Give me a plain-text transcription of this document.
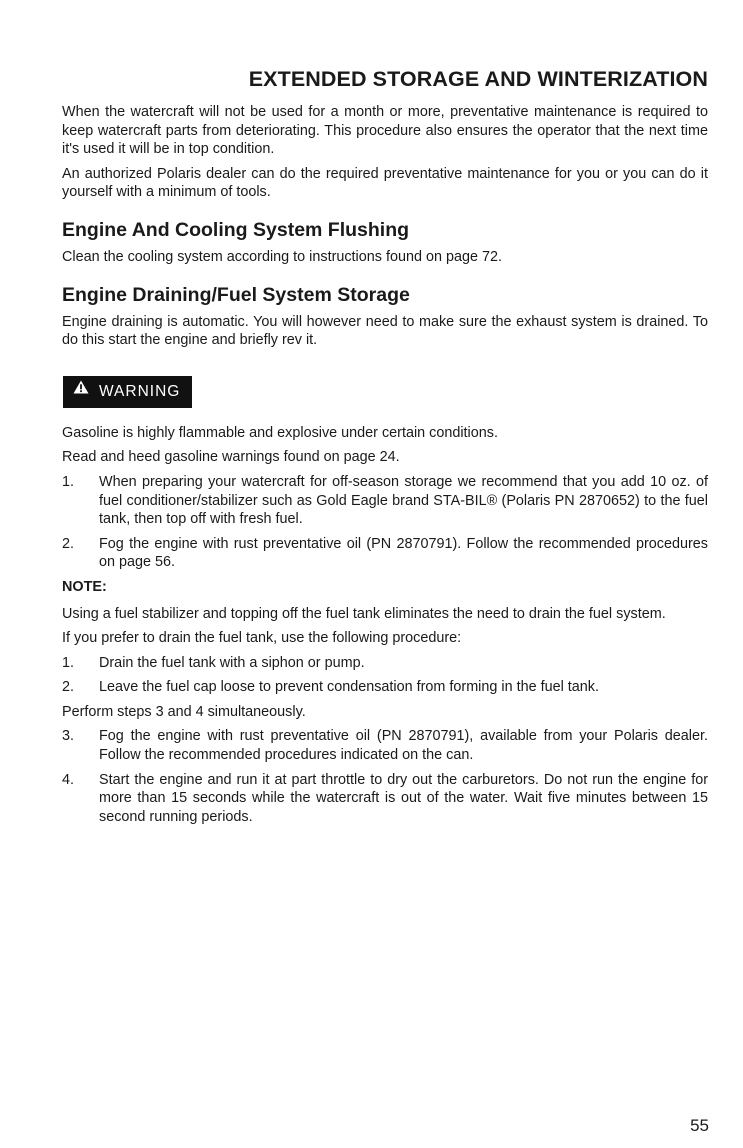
EXTENDED STORAGE AND WINTERIZATION

When the watercraft will not be used for a month or more, preventative maintenance is required to keep watercraft parts from deteriorating. This procedure also ensures the operator that the next time it's used it will be in top condition.

An authorized Polaris dealer can do the required preventative maintenance for you or you can do it yourself with a minimum of tools.

Engine And Cooling System Flushing

Clean the cooling system according to instructions found on page 72.

Engine Draining/Fuel System Storage

Engine draining is automatic. You will however need to make sure the exhaust system is drained. To do this start the engine and briefly rev it.

WARNING

Gasoline is highly flammable and explosive under certain conditions.

Read and heed gasoline warnings found on page 24.

1. When preparing your watercraft for off-season storage we recommend that you add 10 oz. of fuel conditioner/stabilizer such as Gold Eagle brand STA-BIL® (Polaris PN 2870652) to the fuel tank, then top off with fresh fuel.
2. Fog the engine with rust preventative oil (PN 2870791). Follow the recommended procedures on page 56.
NOTE:

Using a fuel stabilizer and topping off the fuel tank eliminates the need to drain the fuel system.

If you prefer to drain the fuel tank, use the following procedure:

1. Drain the fuel tank with a siphon or pump.
2. Leave the fuel cap loose to prevent condensation from forming in the fuel tank.

Perform steps 3 and 4 simultaneously.

3. Fog the engine with rust preventative oil (PN 2870791), available from your Polaris dealer. Follow the recommended procedures indicated on the can.
4. Start the engine and run it at part throttle to dry out the carburetors. Do not run the engine for more than 15 seconds while the watercraft is out of the water. Wait five minutes between 15 second running periods.
55
